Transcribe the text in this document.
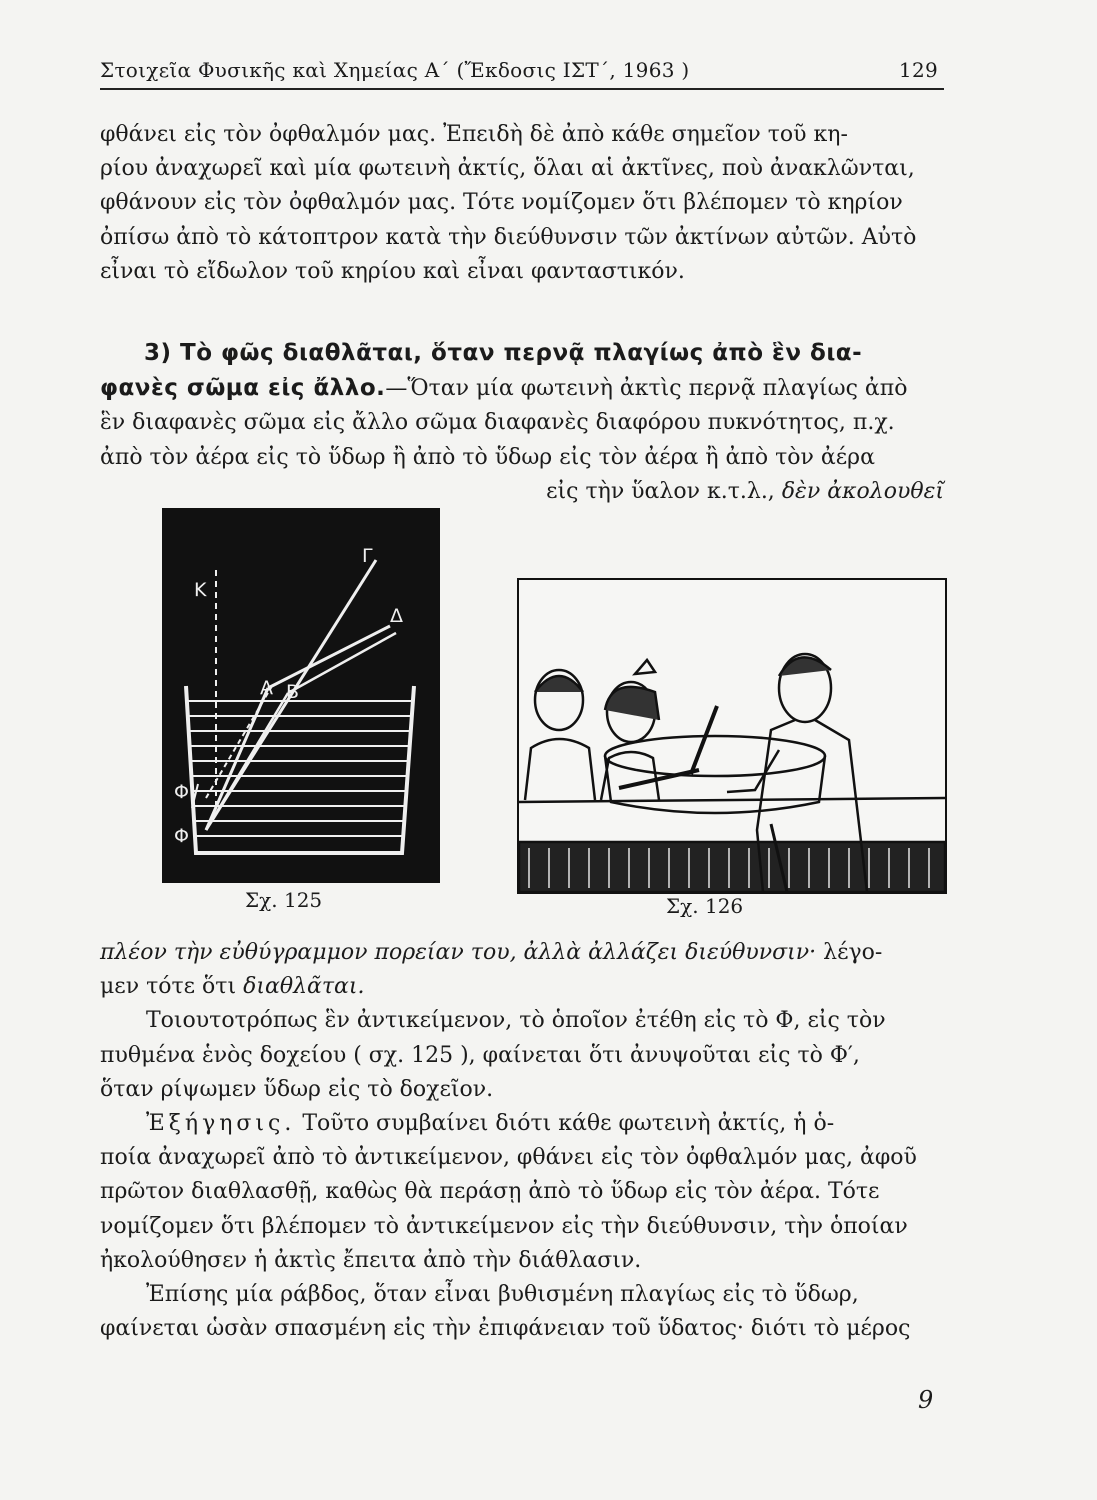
Στοιχεῖα Φυσικῆς καὶ Χημείας Α΄ (Ἔκδοσις ΙΣΤ΄, 1963 )	129

φθάνει εἰς τὸν ὀφθαλμόν μας. Ἐπειδὴ δὲ ἀπὸ κάθε σημεῖον τοῦ κη-

ρίου ἀναχωρεῖ καὶ μία φωτεινὴ ἀκτίς, ὅλαι αἱ ἀκτῖνες, ποὺ ἀνακλῶνται,

φθάνουν εἰς τὸν ὀφθαλμόν μας. Τότε νομίζομεν ὅτι βλέπομεν τὸ κηρίον

ὀπίσω ἀπὸ τὸ κάτοπτρον κατὰ τὴν διεύθυνσιν τῶν ἀκτίνων αὐτῶν. Αὐτὸ

εἶναι τὸ εἴδωλον τοῦ κηρίου καὶ εἶναι φανταστικόν.

3) Τὸ φῶς διαθλᾶται, ὅταν περνᾷ πλαγίως ἀπὸ ἓν δια-

φανὲς σῶμα εἰς ἄλλο.—Ὅταν μία φωτεινὴ ἀκτὶς περνᾷ πλαγίως ἀπὸ

ἓν διαφανὲς σῶμα εἰς ἄλλο σῶμα διαφανὲς διαφόρου πυκνότητος, π.χ.

ἀπὸ τὸν ἀέρα εἰς τὸ ὕδωρ ἢ ἀπὸ τὸ ὕδωρ εἰς τὸν ἀέρα ἢ ἀπὸ τὸν ἀέρα

εἰς τὴν ὕαλον κ.τ.λ., δὲν ἀκολουθεῖ

Κ
Γ
Δ
Α Β
Φ
Φ
Σχ. 125	Σχ. 126

πλέον τὴν εὐθύγραμμον πορείαν του, ἀλλὰ ἀλλάζει διεύθυνσιν· λέγο-

μεν τότε ὅτι διαθλᾶται.

Τοιουτοτρόπως ἓν ἀντικείμενον, τὸ ὁποῖον ἐτέθη εἰς τὸ Φ, εἰς τὸν

πυθμένα ἑνὸς δοχείου ( σχ. 125 ), φαίνεται ὅτι ἀνυψοῦται εἰς τὸ Φ′,

ὅταν ρίψωμεν ὕδωρ εἰς τὸ δοχεῖον.

Ἐξήγησις. Τοῦτο συμβαίνει διότι κάθε φωτεινὴ ἀκτίς, ἡ ὁ-

ποία ἀναχωρεῖ ἀπὸ τὸ ἀντικείμενον, φθάνει εἰς τὸν ὀφθαλμόν μας, ἀφοῦ

πρῶτον διαθλασθῇ, καθὼς θὰ περάσῃ ἀπὸ τὸ ὕδωρ εἰς τὸν ἀέρα. Τότε

νομίζομεν ὅτι βλέπομεν τὸ ἀντικείμενον εἰς τὴν διεύθυνσιν, τὴν ὁποίαν

ἠκολούθησεν ἡ ἀκτὶς ἔπειτα ἀπὸ τὴν διάθλασιν.

Ἐπίσης μία ράβδος, ὅταν εἶναι βυθισμένη πλαγίως εἰς τὸ ὕδωρ,

φαίνεται ὡσὰν σπασμένη εἰς τὴν ἐπιφάνειαν τοῦ ὕδατος· διότι τὸ μέρος

9
